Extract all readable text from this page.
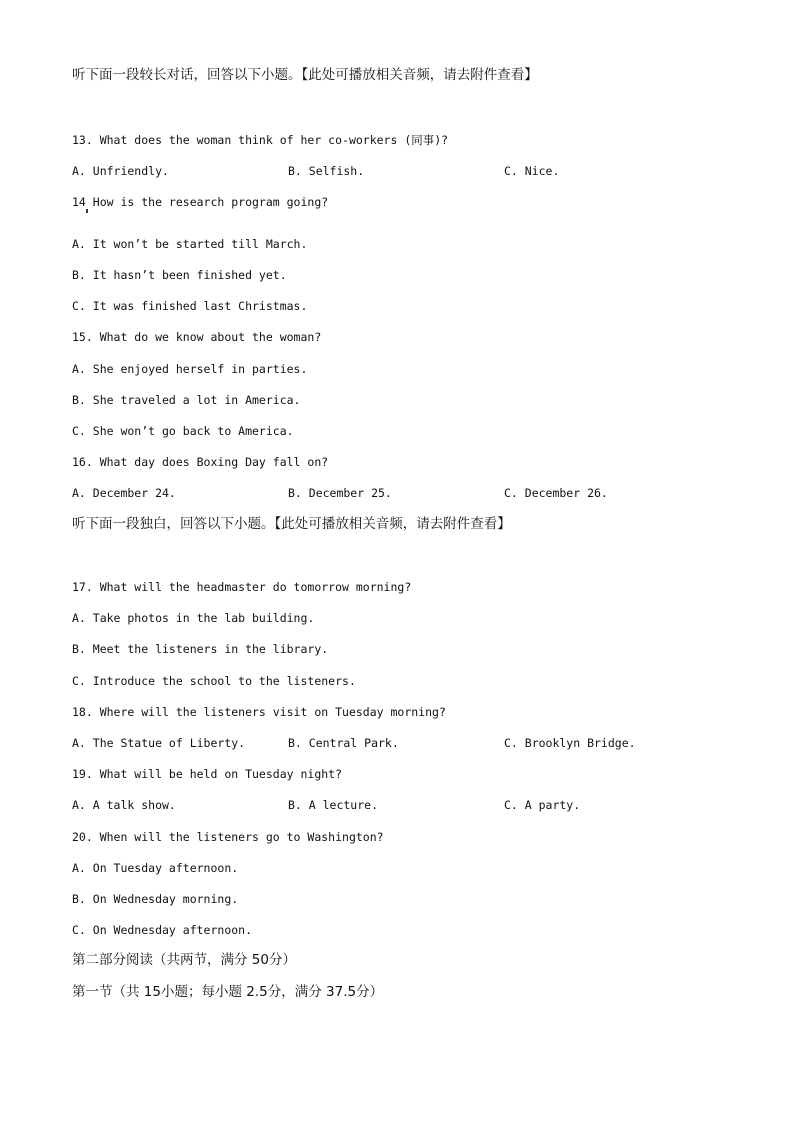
听下面一段较长对话，回答以下小题。【此处可播放相关音频，请去附件查看】
13. What does the woman think of her co-workers (同事)?
A. Unfriendly.	B. Selfish.	C. Nice.
14 How is the research program going?
A. It won’t be started till March.
B. It hasn’t been finished yet.
C. It was finished last Christmas.
15. What do we know about the woman?
A. She enjoyed herself in parties.
B. She traveled a lot in America.
C. She won’t go back to America.
16. What day does Boxing Day fall on?
A. December 24.	B. December 25.	C. December 26.
听下面一段独白，回答以下小题。【此处可播放相关音频，请去附件查看】
17. What will the headmaster do tomorrow morning?
A. Take photos in the lab building.
B. Meet the listeners in the library.
C. Introduce the school to the listeners.
18. Where will the listeners visit on Tuesday morning?
A. The Statue of Liberty.	B. Central Park.	C. Brooklyn Bridge.
19. What will be held on Tuesday night?
A. A talk show.	B. A lecture.	C. A party.
20. When will the listeners go to Washington?
A. On Tuesday afternoon.
B. On Wednesday morning.
C. On Wednesday afternoon.
第二部分阅读（共两节，满分 50分）
第一节（共 15小题；每小题 2.5分，满分 37.5分）
